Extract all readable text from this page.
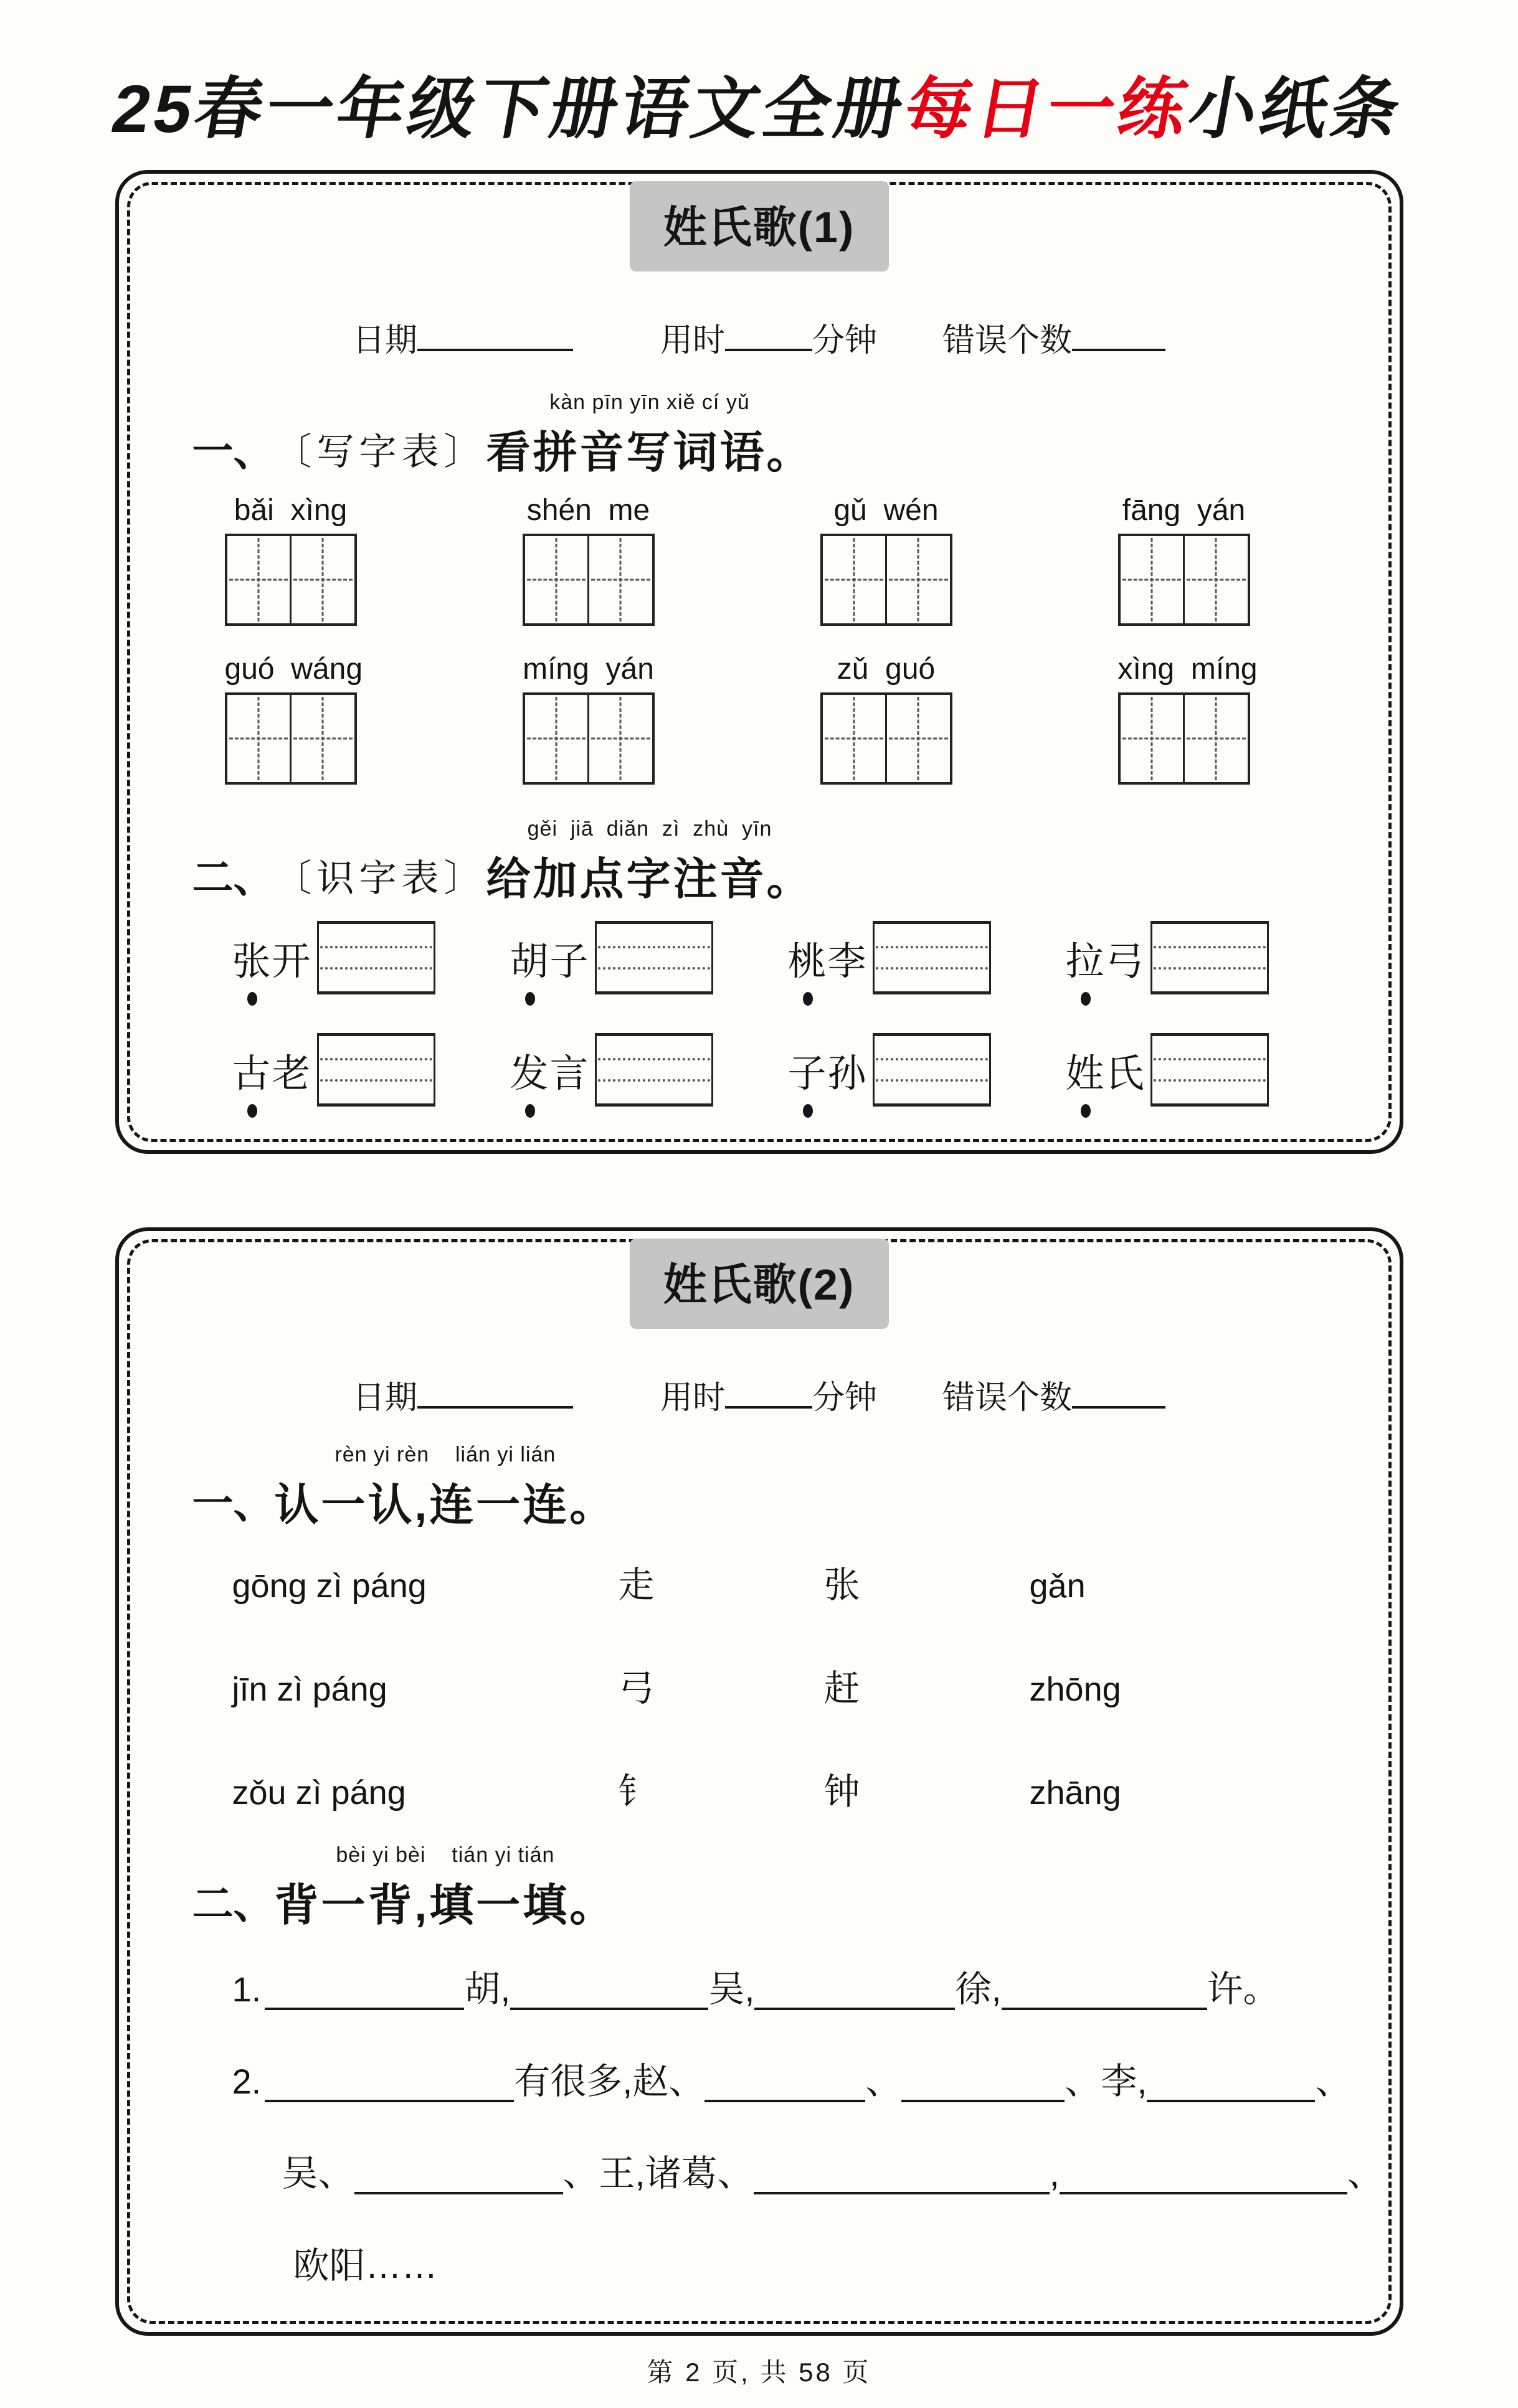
25春一年级下册语文全册每日一练小纸条
姓氏歌(1)
日期	用时	分钟 错误个数
一、 〔写字表〕
kàn pīn yīn xiě cí yǔ
看拼音写词语。
bǎi  xìng	shén  me	gǔ  wén	fāng  yán
guó  wáng	míng  yán	zǔ  guó	xìng  míng
二、 〔识字表〕
gěi  jiā  diǎn  zì  zhù  yīn
给加点字注音。
张开	胡子	桃李	拉弓
古老	发言	子孙	姓氏
姓氏歌(2)
日期	用时	分钟 错误个数
一、
rèn yi rèn    lián yi lián
认一认,连一连。
gōng zì páng	走	张	gǎn
jīn zì páng	弓	赶	zhōng
zǒu zì páng	钅	钟	zhāng
二、
bèi yi bèi    tián yi tián
背一背,填一填。
1.	胡,	吴,	徐,	许。
2.	有很多,赵、	、	、李,	、
吴、	、王,诸葛、	,	、
欧阳……
第 2 页, 共 58 页
